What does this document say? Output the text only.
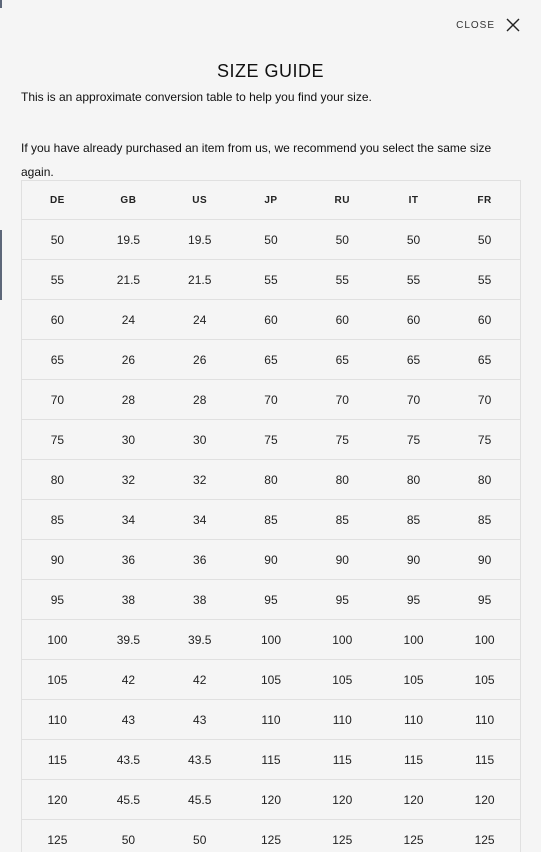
CLOSE
SIZE GUIDE

This is an approximate conversion table to help you find your size.

If you have already purchased an item from us, we recommend you select the same size again.

DE	GB	US	JP	RU	IT	FR
50	19.5	19.5	50	50	50	50
55	21.5	21.5	55	55	55	55
60	24	24	60	60	60	60
65	26	26	65	65	65	65
70	28	28	70	70	70	70
75	30	30	75	75	75	75
80	32	32	80	80	80	80
85	34	34	85	85	85	85
90	36	36	90	90	90	90
95	38	38	95	95	95	95
100	39.5	39.5	100	100	100	100
105	42	42	105	105	105	105
110	43	43	110	110	110	110
115	43.5	43.5	115	115	115	115
120	45.5	45.5	120	120	120	120
125	50	50	125	125	125	125
